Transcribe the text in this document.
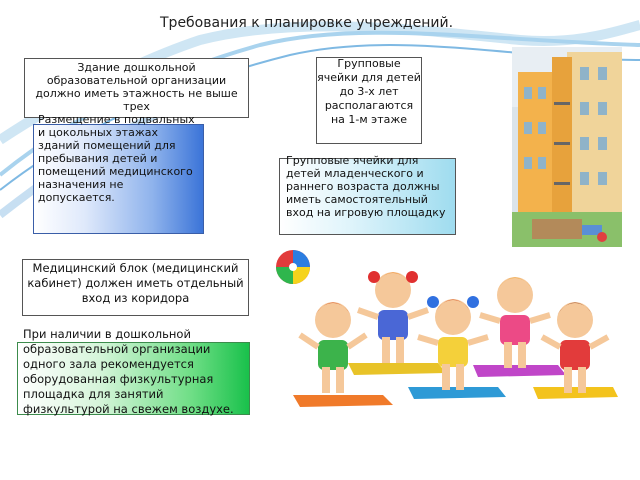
Требования к планировке учреждений.
Здание дошкольной образовательной организации должно иметь этажность не выше трех
Размещение в подвальных и цокольных этажах зданий помещений для пребывания детей и помещений медицинского назначения не допускается.
Групповые ячейки для детей до 3-х лет располагаются на 1-м этаже
Групповые ячейки для детей младенческого и раннего возраста должны иметь самостоятельный вход на игровую площадку
Медицинский блок (медицинский кабинет) должен иметь отдельный вход из коридора
При наличии в дошкольной образовательной организации одного зала рекомендуется оборудованная физкультурная площадка для занятий физкультурой на свежем воздухе.
